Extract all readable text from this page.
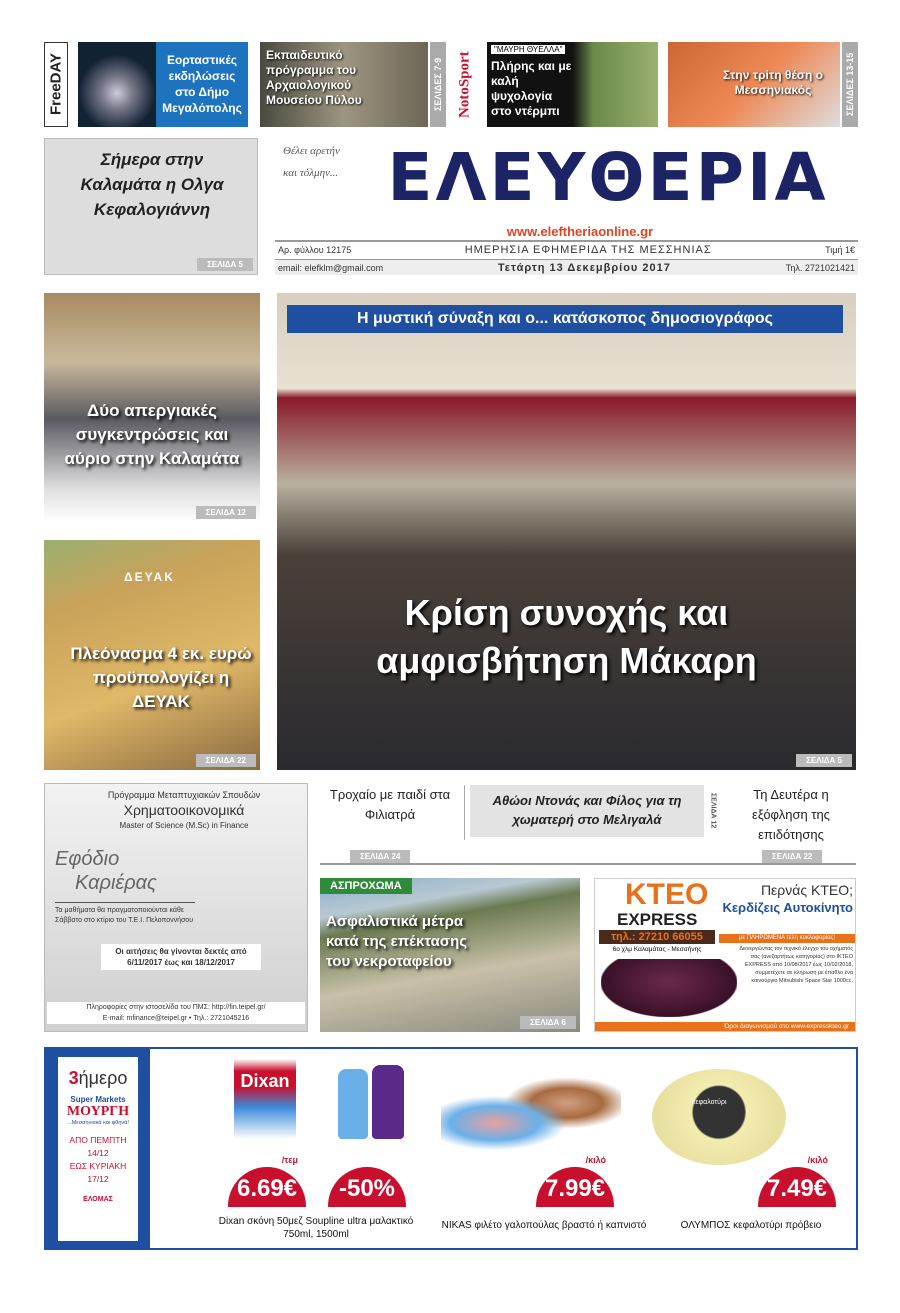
FreeDAY	Εορταστικές εκδηλώσεις στο Δήμο Μεγαλόπολης
Εκπαιδευτικό πρόγραμμα του Αρχαιολογικού Μουσείου Πύλου	ΣΕΛΙΔΕΣ 7-9 NotoSport
"ΜΑΥΡΗ ΘΥΕΛΛΑ"
Πλήρης και με καλή ψυχολογία στο ντέρμπι
Στην τρίτη θέση ο Μεσσηνιακός	ΣΕΛΙΔΕΣ 13-15
Σήμερα στην Καλαμάτα η Ολγα Κεφαλογιάννη
ΣΕΛΙΔΑ 5
Θέλει αρετήν και τόλμην... ΕΛΕΥΘΕΡΙΑ
www.eleftheriaonline.gr
Αρ. φύλλου 12175	ΗΜΕΡΗΣΙΑ ΕΦΗΜΕΡΙΔΑ ΤΗΣ ΜΕΣΣΗΝΙΑΣ	Τιμή 1€
email: elefklm@gmail.com	Τετάρτη 13 Δεκεμβρίου 2017	Τηλ. 2721021421
Δύο απεργιακές συγκεντρώσεις και αύριο στην Καλαμάτα
ΣΕΛΙΔΑ 12
ΔΕΥΑΚ
Πλεόνασμα 4 εκ. ευρώ προϋπολογίζει η ΔΕΥΑΚ
ΣΕΛΙΔΑ 22
Η μυστική σύναξη και ο... κατάσκοπος δημοσιογράφος
Κρίση συνοχής και
αμφισβήτηση Μάκαρη
ΣΕΛΙΔΑ 5
Πρόγραμμα Μεταπτυχιακών Σπουδών
Χρηματοοικονομικά
Master of Science (M.Sc) in Finance
Εφόδιο
Καριέρας
Τα μαθήματα θα πραγματοποιούνται κάθε Σάββατο στο κτίριο του Τ.Ε.Ι. Πελοποννήσου
Οι αιτήσεις θα γίνονται δεκτές από 6/11/2017 έως και 18/12/2017
Πληροφορίες στην ιστοσελίδα του ΠΜΣ: http://fin.teipel.gr/
E-mail: mfinance@teipel.gr • Τηλ.: 2721045216
Τροχαίο με παιδί στα Φιλιατρά
ΣΕΛΙΔΑ 24
Αθώοι Ντονάς και Φίλος για τη χωματερή στο Μελιγαλά	ΣΕΛΙΔΑ 12	Τη Δευτέρα η εξόφληση της επιδότησης
ΣΕΛΙΔΑ 22
ΑΣΠΡΟΧΩΜΑ
Ασφαλιστικά μέτρα κατά της επέκτασης του νεκροταφείου
ΣΕΛΙΔΑ 6
KTEO
EXPRESS
τηλ.: 27210 66055
6ο χλμ Καλαμάτας - Μεσσήνης
Περνάς ΚΤΕΟ;
Κερδίζεις Αυτοκίνητο
με ΠΛΗΡΩΜΕΝΑ τέλη κυκλοφορίας!
Διενεργώντας τον τεχνικό έλεγχο του οχήματός σας (ανεξαρτήτως κατηγορίας) στο ΙΚΤΕΟ EXPRESS από 10/08/2017 έως 10/02/2018, συμμετέχετε σε κλήρωση με έπαθλο ένα καινούργιο Mitsubishi Space Star 1000cc.
Όροι Διαγωνισμού στο www.expresskteo.gr
3ήμερο
Super Markets
ΜΟΥΡΓΗ
...Μεσσηνιακά και φθηνά!
ΑΠΟ ΠΕΜΠΤΗ 14/12
ΕΩΣ ΚΥΡΙΑΚΗ 17/12
ΕΛΟΜΑΣ
Dixan
κεφαλοτύρι
/τεμ
6.69€	-50%
/κιλό
7.99€
/κιλό
7.49€
Dixan σκόνη 50μεζ Soupline ultra μαλακτικό 750ml, 1500ml
NIKAS φιλέτο γαλοπούλας βραστό ή καπνιστό	ΟΛΥΜΠΟΣ κεφαλοτύρι πρόβειο
